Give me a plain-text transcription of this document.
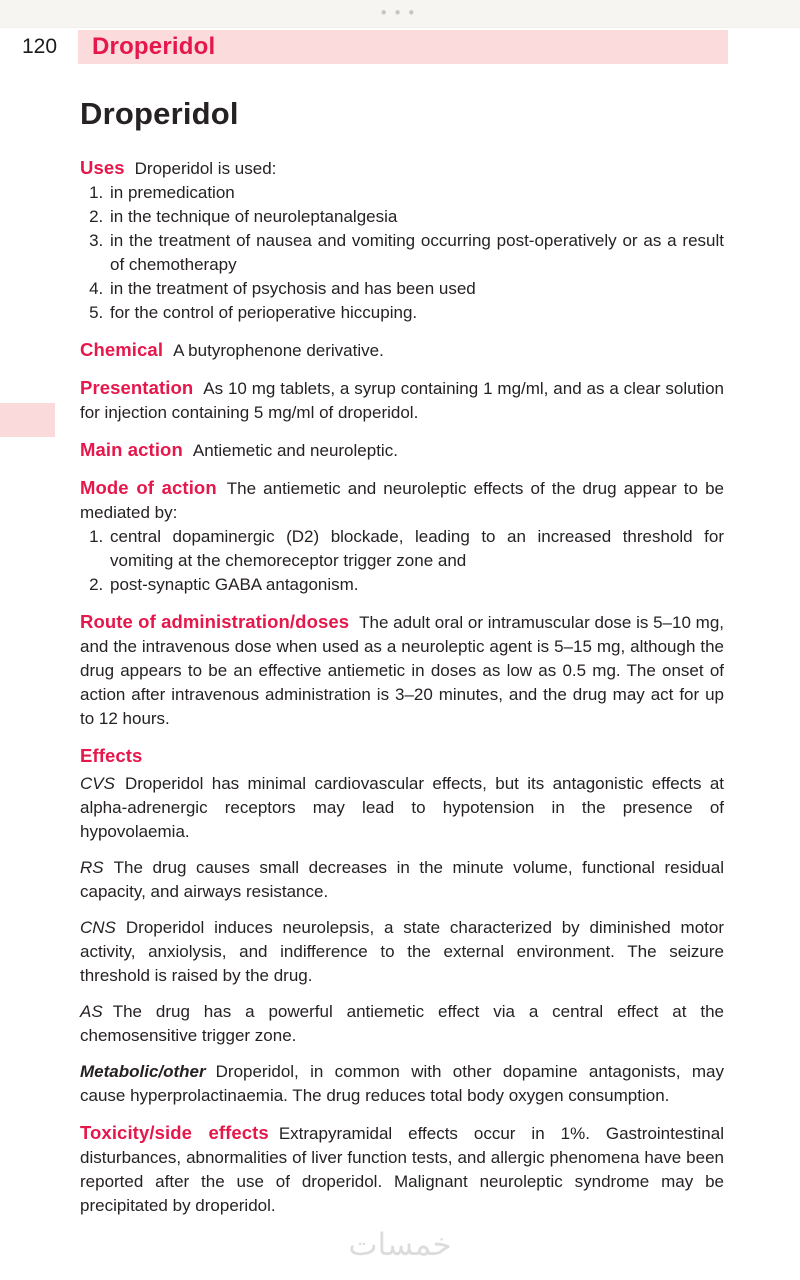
•••
120	Droperidol
Droperidol

Uses Droperidol is used:

1. in premedication
2. in the technique of neuroleptanalgesia
3. in the treatment of nausea and vomiting occurring post-operatively or as a result of chemotherapy
4. in the treatment of psychosis and has been used
5. for the control of perioperative hiccuping.

Chemical A butyrophenone derivative.

Presentation As 10 mg tablets, a syrup containing 1 mg/ml, and as a clear solution for injection containing 5 mg/ml of droperidol.

Main action Antiemetic and neuroleptic.

Mode of action The antiemetic and neuroleptic effects of the drug appear to be mediated by:

1. central dopaminergic (D2) blockade, leading to an increased threshold for vomiting at the chemoreceptor trigger zone and
2. post-synaptic GABA antagonism.

Route of administration/doses The adult oral or intramuscular dose is 5–10 mg, and the intravenous dose when used as a neuroleptic agent is 5–15 mg, although the drug appears to be an effective antiemetic in doses as low as 0.5 mg. The onset of action after intravenous administration is 3–20 minutes, and the drug may act for up to 12 hours.

Effects

CVS Droperidol has minimal cardiovascular effects, but its antagonistic effects at alpha-adrenergic receptors may lead to hypotension in the presence of hypovolaemia.

RS The drug causes small decreases in the minute volume, functional residual capacity, and airways resistance.

CNS Droperidol induces neurolepsis, a state characterized by diminished motor activity, anxiolysis, and indifference to the external environment. The seizure threshold is raised by the drug.

AS The drug has a powerful antiemetic effect via a central effect at the chemosensitive trigger zone.

Metabolic/other Droperidol, in common with other dopamine antagonists, may cause hyperprolactinaemia. The drug reduces total body oxygen consumption.

Toxicity/side effects Extrapyramidal effects occur in 1%. Gastrointestinal disturbances, abnormalities of liver function tests, and allergic phenomena have been reported after the use of droperidol. Malignant neuroleptic syndrome may be precipitated by droperidol.

خمسات
